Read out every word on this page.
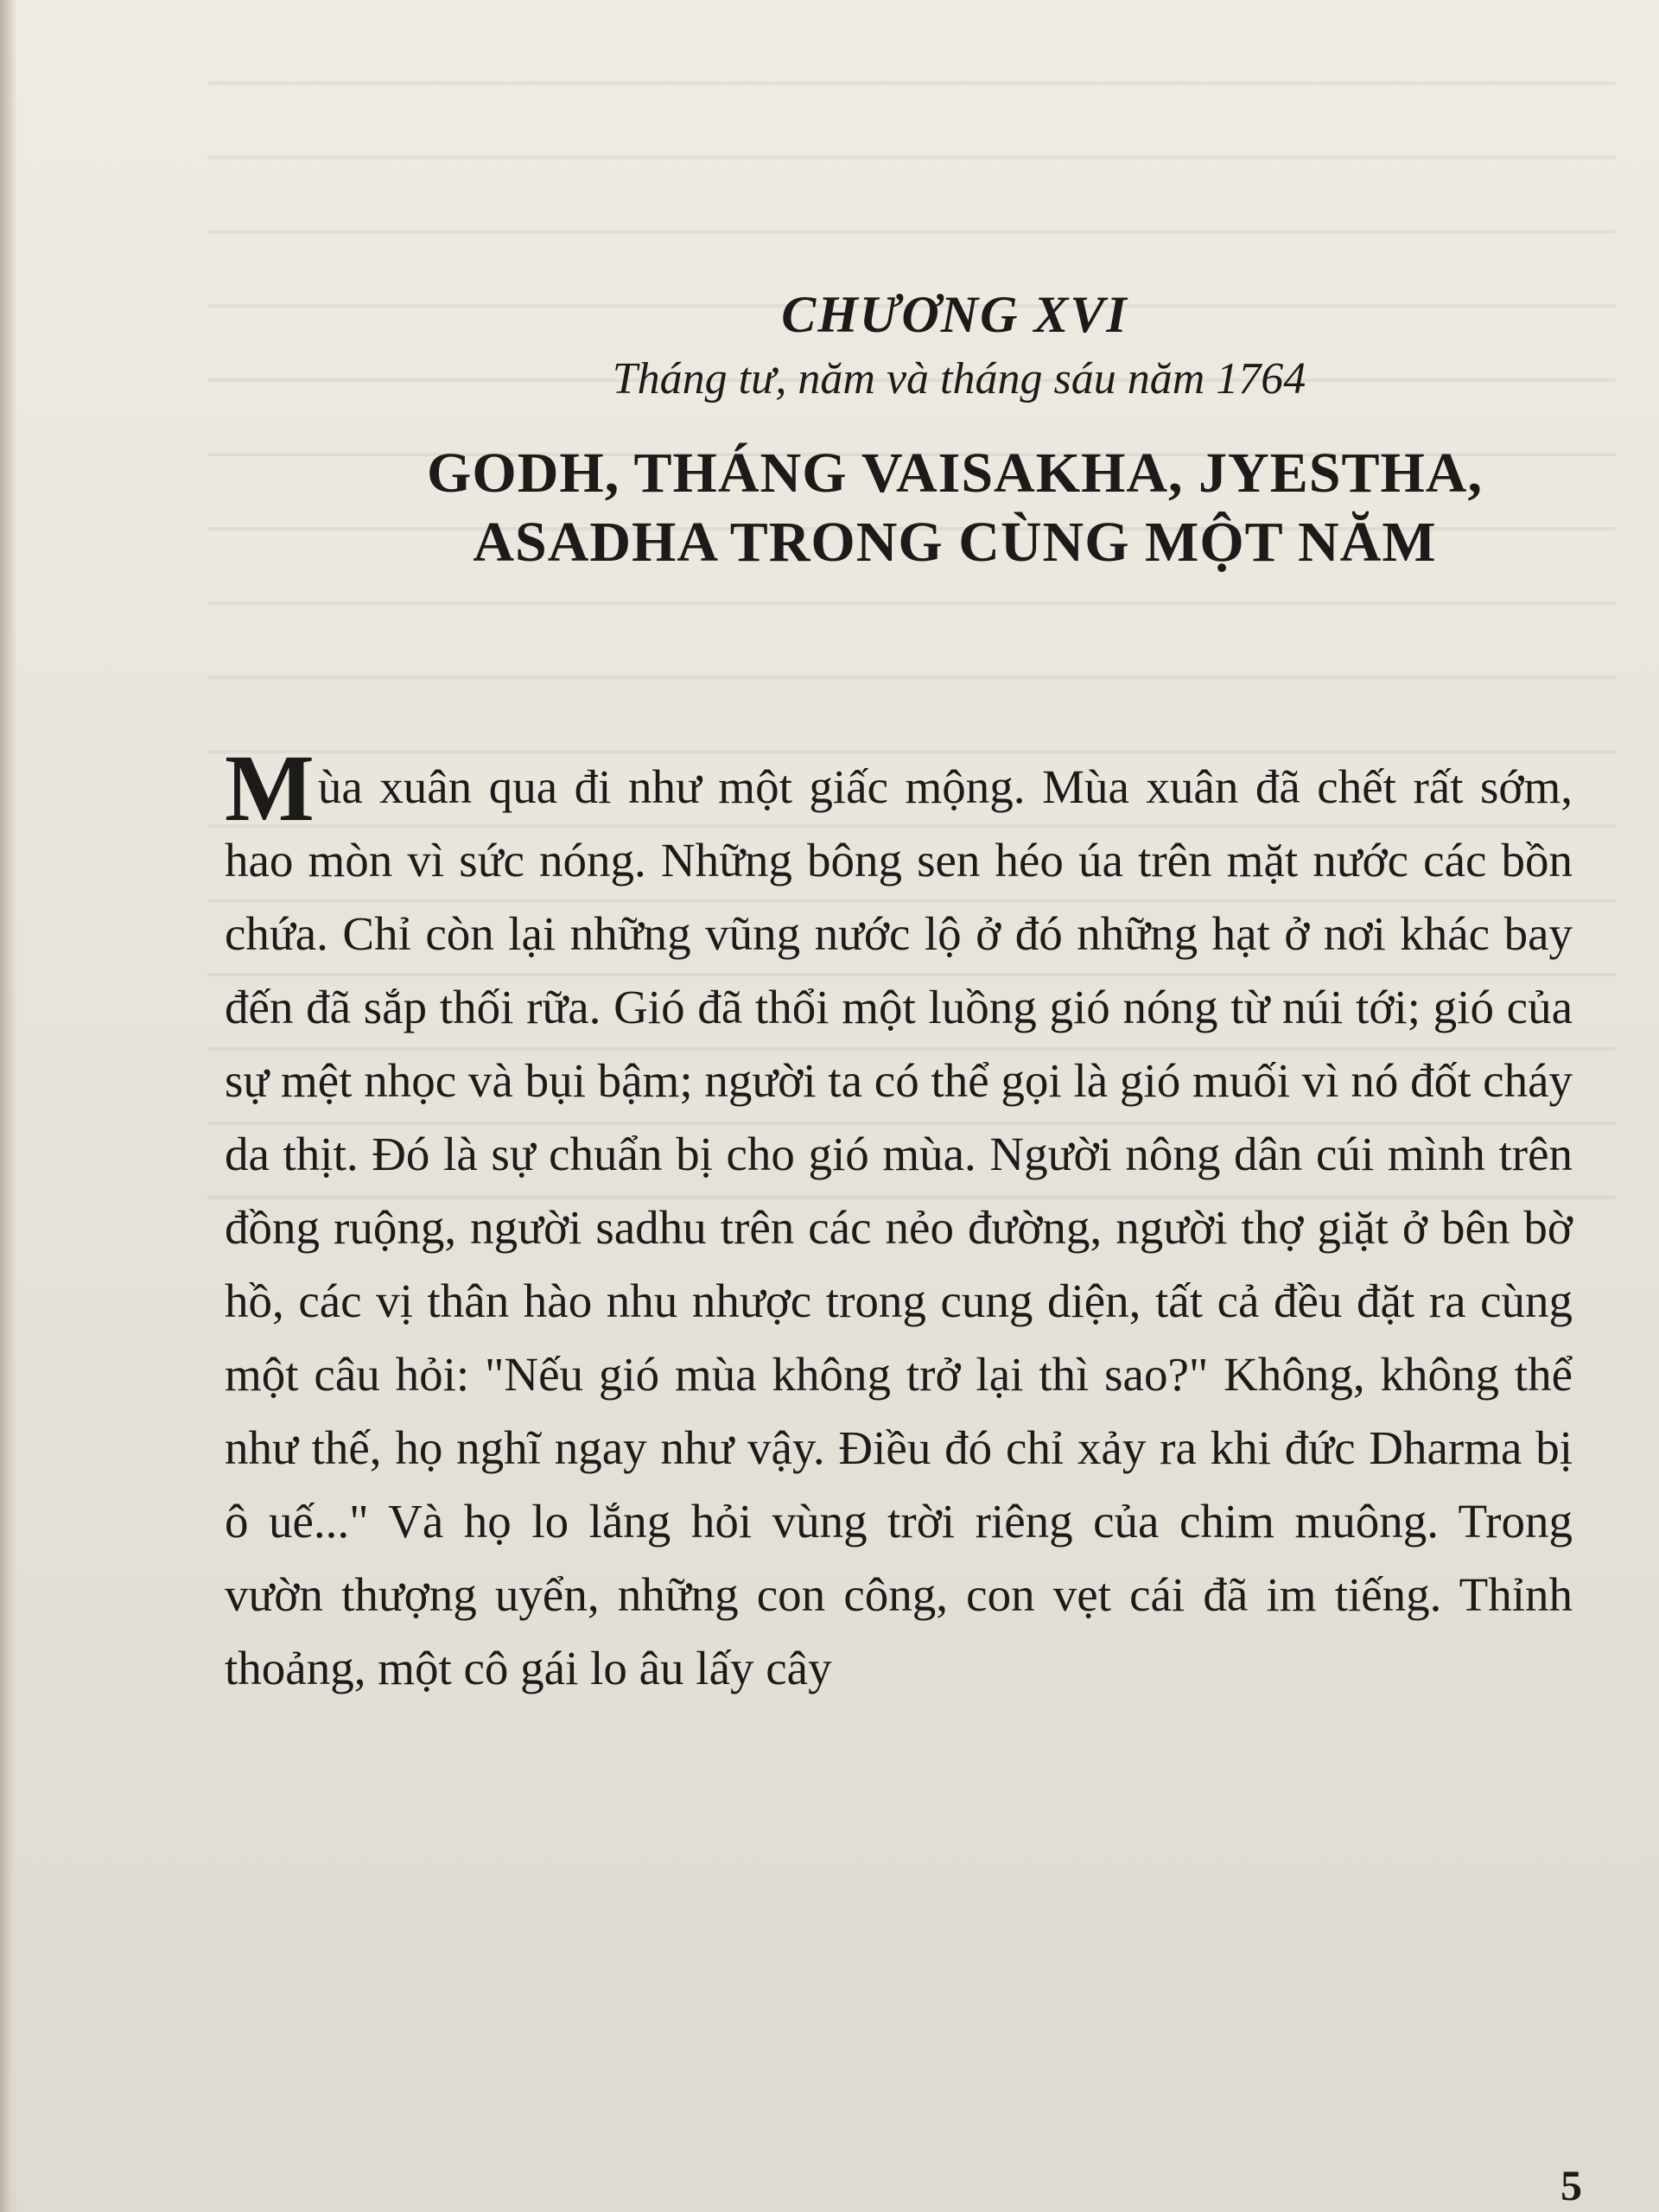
CHƯƠNG XVI
Tháng tư, năm và tháng sáu năm 1764
GODH, THÁNG VAISAKHA, JYESTHA,
ASADHA TRONG CÙNG MỘT NĂM

Mùa xuân qua đi như một giấc mộng. Mùa xuân đã chết rất sớm, hao mòn vì sức nóng. Những bông sen héo úa trên mặt nước các bồn chứa. Chỉ còn lại những vũng nước lộ ở đó những hạt ở nơi khác bay đến đã sắp thối rữa. Gió đã thổi một luồng gió nóng từ núi tới; gió của sự mệt nhọc và bụi bậm; người ta có thể gọi là gió muối vì nó đốt cháy da thịt. Đó là sự chuẩn bị cho gió mùa. Người nông dân cúi mình trên đồng ruộng, người sadhu trên các nẻo đường, người thợ giặt ở bên bờ hồ, các vị thân hào nhu nhược trong cung diện, tất cả đều đặt ra cùng một câu hỏi: "Nếu gió mùa không trở lại thì sao?" Không, không thể như thế, họ nghĩ ngay như vậy. Điều đó chỉ xảy ra khi đức Dharma bị ô uế..." Và họ lo lắng hỏi vùng trời riêng của chim muông. Trong vườn thượng uyển, những con công, con vẹt cái đã im tiếng. Thỉnh thoảng, một cô gái lo âu lấy cây

5
